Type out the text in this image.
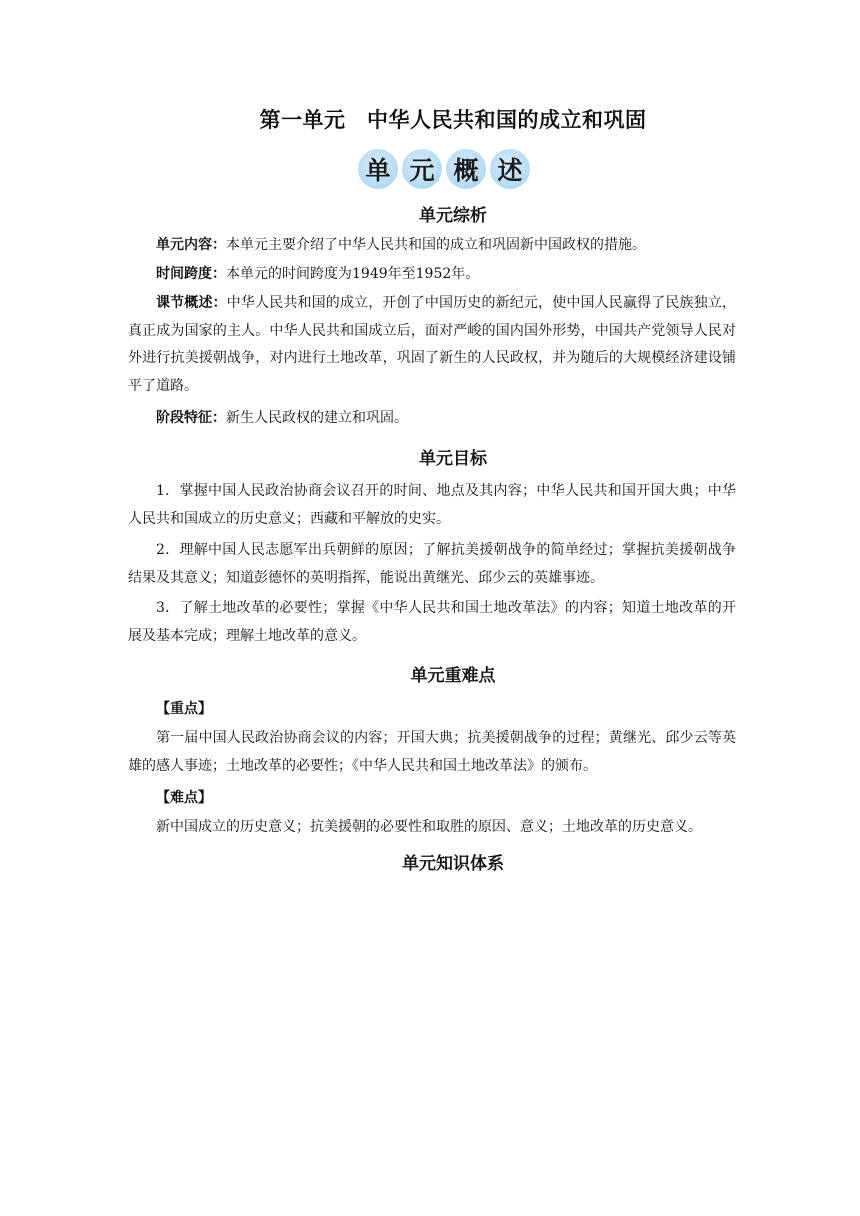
第一单元　中华人民共和国的成立和巩固
单 元 概 述
单元综析
单元内容：本单元主要介绍了中华人民共和国的成立和巩固新中国政权的措施。
时间跨度：本单元的时间跨度为1949年至1952年。
课节概述：中华人民共和国的成立，开创了中国历史的新纪元，使中国人民赢得了民族独立，真正成为国家的主人。中华人民共和国成立后，面对严峻的国内国外形势，中国共产党领导人民对外进行抗美援朝战争，对内进行土地改革，巩固了新生的人民政权，并为随后的大规模经济建设铺平了道路。
阶段特征：新生人民政权的建立和巩固。
单元目标
1．掌握中国人民政治协商会议召开的时间、地点及其内容；中华人民共和国开国大典；中华人民共和国成立的历史意义；西藏和平解放的史实。
2．理解中国人民志愿军出兵朝鲜的原因；了解抗美援朝战争的简单经过；掌握抗美援朝战争结果及其意义；知道彭德怀的英明指挥，能说出黄继光、邱少云的英雄事迹。
3．了解土地改革的必要性；掌握《中华人民共和国土地改革法》的内容；知道土地改革的开展及基本完成；理解土地改革的意义。
单元重难点
【重点】
第一届中国人民政治协商会议的内容；开国大典；抗美援朝战争的过程；黄继光、邱少云等英雄的感人事迹；土地改革的必要性；《中华人民共和国土地改革法》的颁布。
【难点】
新中国成立的历史意义；抗美援朝的必要性和取胜的原因、意义；土地改革的历史意义。
单元知识体系
